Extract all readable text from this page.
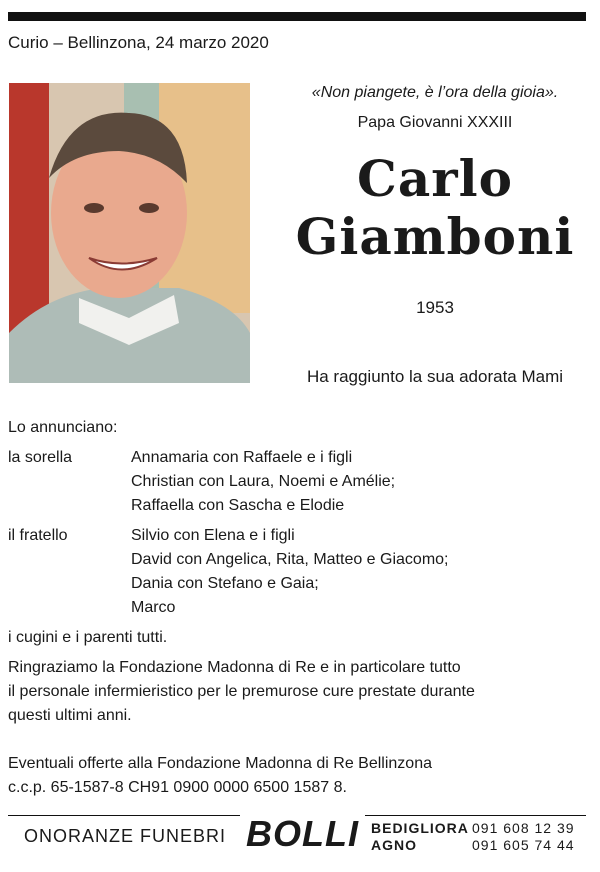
Curio – Bellinzona, 24 marzo 2020
«Non piangete, è l’ora della gioia».
Papa Giovanni XXXIII
Carlo
Giamboni
1953
Ha raggiunto la sua adorata Mami
Lo annunciano:
la sorella	Annamaria con Raffaele e i figli
Christian con Laura, Noemi e Amélie;
Raffaella con Sascha e Elodie
il fratello	Silvio con Elena e i figli
David con Angelica, Rita, Matteo e Giacomo;
Dania con Stefano e Gaia;
Marco
i cugini e i parenti tutti.
Ringraziamo la Fondazione Madonna di Re e in particolare tutto
il personale infermieristico per le premurose cure prestate durante
questi ultimi anni.
Eventuali offerte alla Fondazione Madonna di Re Bellinzona
c.c.p. 65-1587-8 CH91 0900 0000 6500 1587 8.
ONORANZE FUNEBRI BOLLI BEDIGLIORA 091 608 12 39
AGNO	091 605 74 44
